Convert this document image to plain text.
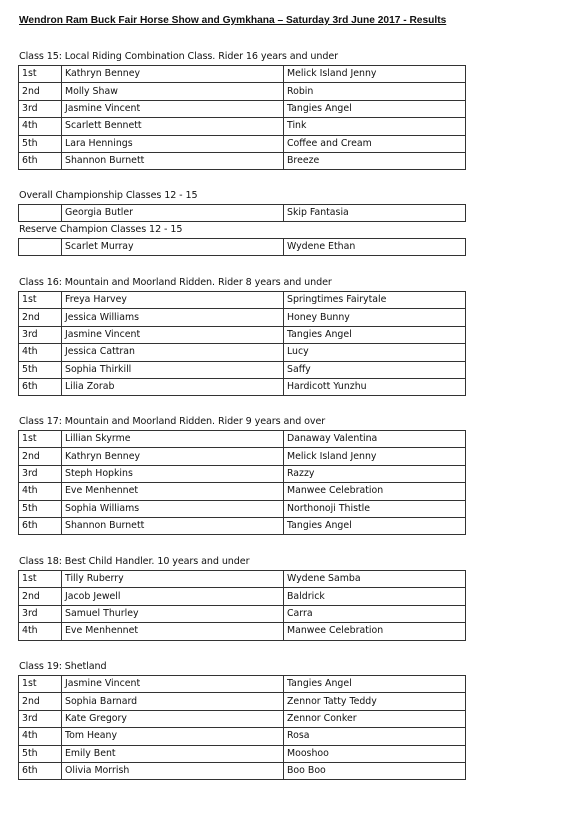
Wendron Ram Buck Fair Horse Show and Gymkhana – Saturday 3rd June 2017 - Results
Class 15: Local Riding Combination Class. Rider 16 years and under
1st	Kathryn Benney	Melick Island Jenny
2nd	Molly Shaw	Robin
3rd	Jasmine Vincent	Tangies Angel
4th	Scarlett Bennett	Tink
5th	Lara Hennings	Coffee and Cream
6th	Shannon Burnett	Breeze
Overall Championship Classes 12 - 15
	Georgia Butler	Skip Fantasia
Reserve Champion Classes 12 - 15
	Scarlet Murray	Wydene Ethan
Class 16: Mountain and Moorland Ridden. Rider 8 years and under
1st	Freya Harvey	Springtimes Fairytale
2nd	Jessica Williams	Honey Bunny
3rd	Jasmine Vincent	Tangies Angel
4th	Jessica Cattran	Lucy
5th	Sophia Thirkill	Saffy
6th	Lilia Zorab	Hardicott Yunzhu
Class 17: Mountain and Moorland Ridden. Rider 9 years and over
1st	Lillian Skyrme	Danaway Valentina
2nd	Kathryn Benney	Melick Island Jenny
3rd	Steph Hopkins	Razzy
4th	Eve Menhennet	Manwee Celebration
5th	Sophia Williams	Northonoji Thistle
6th	Shannon Burnett	Tangies Angel
Class 18: Best Child Handler. 10 years and under
1st	Tilly Ruberry	Wydene Samba
2nd	Jacob Jewell	Baldrick
3rd	Samuel Thurley	Carra
4th	Eve Menhennet	Manwee Celebration
Class 19: Shetland
1st	Jasmine Vincent	Tangies Angel
2nd	Sophia Barnard	Zennor Tatty Teddy
3rd	Kate Gregory	Zennor Conker
4th	Tom Heany	Rosa
5th	Emily Bent	Mooshoo
6th	Olivia Morrish	Boo Boo
